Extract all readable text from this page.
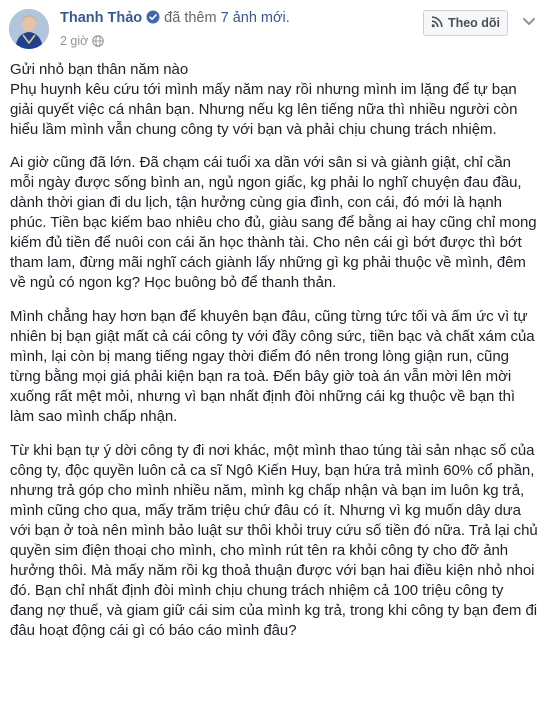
Thanh Thảo đã thêm 7 ảnh mới.
2 giờ
Theo dõi

Gửi nhỏ bạn thân năm nào
Phụ huynh kêu cứu tới mình mấy năm nay rồi nhưng mình im lặng để tự bạn giải quyết việc cá nhân bạn. Nhưng nếu kg lên tiếng nữa thì nhiều người còn hiểu lầm mình vẫn chung công ty với bạn và phải chịu chung trách nhiệm.

Ai giờ cũng đã lớn. Đã chạm cái tuổi xa dần với sân si và giành giật, chỉ cần mỗi ngày được sống bình an, ngủ ngon giấc, kg phải lo nghĩ chuyện đau đầu, dành thời gian đi du lịch, tận hưởng cùng gia đình, con cái, đó mới là hạnh phúc. Tiền bạc kiếm bao nhiêu cho đủ, giàu sang để bằng ai hay cũng chỉ mong kiếm đủ tiền để nuôi con cái ăn học thành tài. Cho nên cái gì bớt được thì bớt tham lam, đừng mãi nghĩ cách giành lấy những gì kg phải thuộc về mình, đêm về ngủ có ngon kg? Học buông bỏ để thanh thản.

Mình chẳng hay hơn bạn để khuyên bạn đâu, cũng từng tức tối và ấm ức vì tự nhiên bị bạn giật mất cả cái công ty với đầy công sức, tiền bạc và chất xám của mình, lại còn bị mang tiếng ngay thời điểm đó nên trong lòng giận run, cũng từng bằng mọi giá phải kiện bạn ra toà. Đến bây giờ toà án vẫn mời lên mời xuống rất mệt mỏi, nhưng vì bạn nhất định đòi những cái kg thuộc về bạn thì làm sao mình chấp nhận.

Từ khi bạn tự ý dời công ty đi nơi khác, một mình thao túng tài sản nhạc số của công ty, độc quyền luôn cả ca sĩ Ngô Kiến Huy, bạn hứa trả mình 60% cổ phần, nhưng trả góp cho mình nhiều năm, mình kg chấp nhận và bạn im luôn kg trả, mình cũng cho qua, mấy trăm triệu chứ đâu có ít. Nhưng vì kg muốn dây dưa với bạn ở toà nên mình bảo luật sư thôi khỏi truy cứu số tiền đó nữa. Trả lại chủ quyền sim điện thoại cho mình, cho mình rút tên ra khỏi công ty cho đỡ ảnh hưởng thôi. Mà mấy năm rồi kg thoả thuận được với bạn hai điều kiện nhỏ nhoi đó. Bạn chỉ nhất định đòi mình chịu chung trách nhiệm cả 100 triệu công ty đang nợ thuế, và giam giữ cái sim của mình kg trả, trong khi công ty bạn đem đi đâu hoạt động cái gì có báo cáo mình đâu?
